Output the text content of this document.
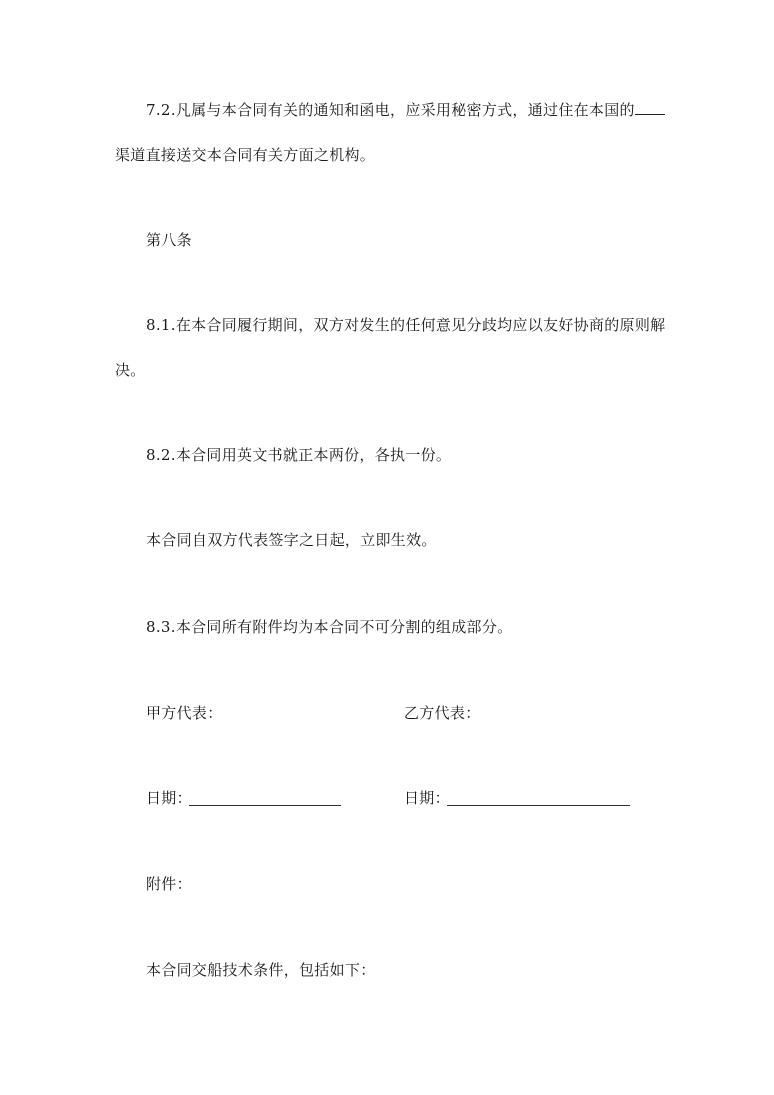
7.2.凡属与本合同有关的通知和函电，应采用秘密方式，通过住在本国的
渠道直接送交本合同有关方面之机构。
第八条
8.1.在本合同履行期间，双方对发生的任何意见分歧均应以友好协商的原则解
决。
8.2.本合同用英文书就正本两份，各执一份。
本合同自双方代表签字之日起，立即生效。
8.3.本合同所有附件均为本合同不可分割的组成部分。
甲方代表：	乙方代表：
日期：	日期：
附件：
本合同交船技术条件，包括如下：
